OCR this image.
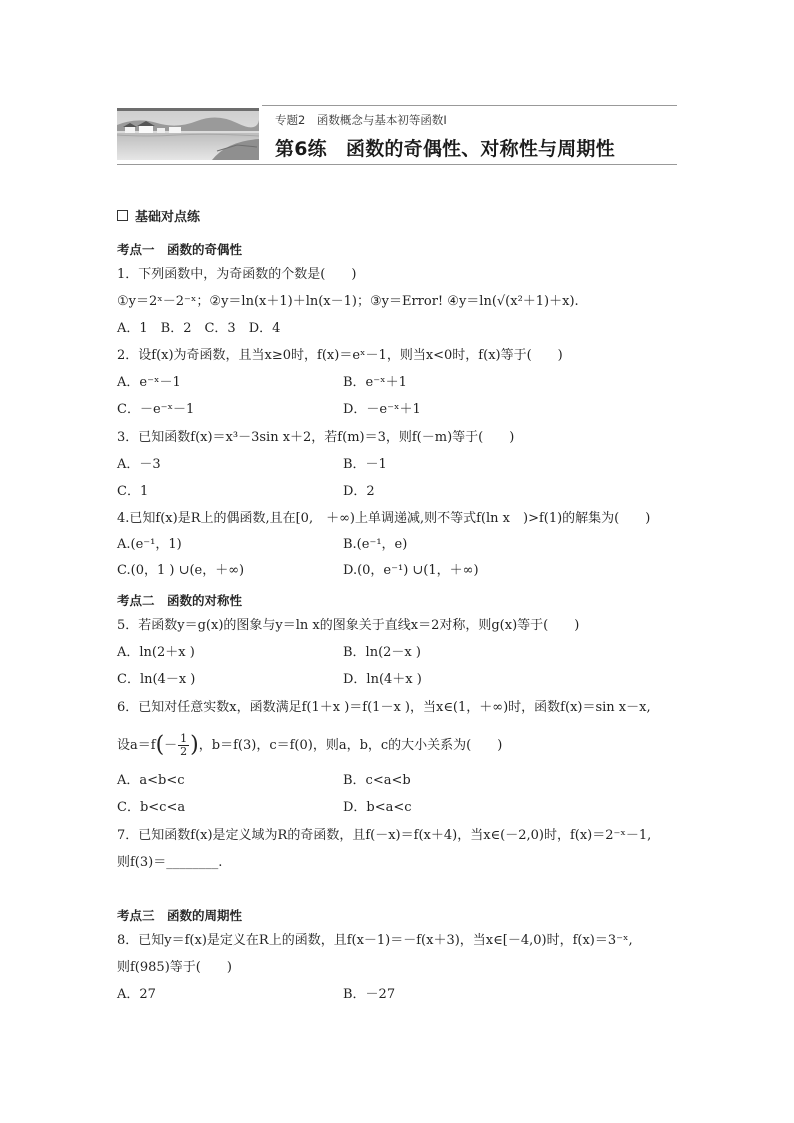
专题2　函数概念与基本初等函数Ⅰ
第6练　函数的奇偶性、对称性与周期性
基础对点练
考点一　函数的奇偶性
1．下列函数中，为奇函数的个数是(　　)
①y＝2ˣ－2⁻ˣ；②y＝ln(x＋1)＋ln(x－1)；③y＝Error! ④y＝ln(√(x²＋1)＋x).
A．1　B．2　C．3　D．4
2．设f(x)为奇函数，且当x≥0时，f(x)＝eˣ－1，则当x<0时，f(x)等于(　　)
A．e⁻ˣ－1	B．e⁻ˣ＋1
C．－e⁻ˣ－1	D．－e⁻ˣ＋1
3．已知函数f(x)＝x³－3sin x＋2，若f(m)＝3，则f(－m)等于(　　)
A．－3	B．－1
C．1	D．2
4.已知f(x)是R上的偶函数,且在[0,　＋∞)上单调递减,则不等式f(ln x　)>f(1)的解集为(　　)
A.(e⁻¹，1)	B.(e⁻¹，e)
C.(0，1 ) ∪(e，＋∞)	D.(0，e⁻¹) ∪(1，＋∞)
考点二　函数的对称性
5．若函数y＝g(x)的图象与y＝ln x的图象关于直线x＝2对称，则g(x)等于(　　)
A．ln(2＋x )	B．ln(2－x )
C．ln(4－x )	D．ln(4＋x )
6．已知对任意实数x，函数满足f(1＋x )＝f(1－x )，当x∈(1，＋∞)时，函数f(x)＝sin x－x,
设$a=f(- \frac{1}{2}$ )，b＝f(3)，c＝f(0)，则a，b，c的大小关系为(　　)
A．a<b<c	B．c<a<b
C．b<c<a	D．b<a<c
7．已知函数f(x)是定义域为R的奇函数，且f(－x)＝f(x＋4)，当x∈(－2,0)时，f(x)＝2⁻ˣ－1,
则f(3)＝________.
考点三　函数的周期性
8．已知y＝f(x)是定义在R上的函数，且f(x－1)＝－f(x＋3)，当x∈[－4,0)时，f(x)＝3⁻ˣ,
则f(985)等于(　　)
A．27	B．－27
